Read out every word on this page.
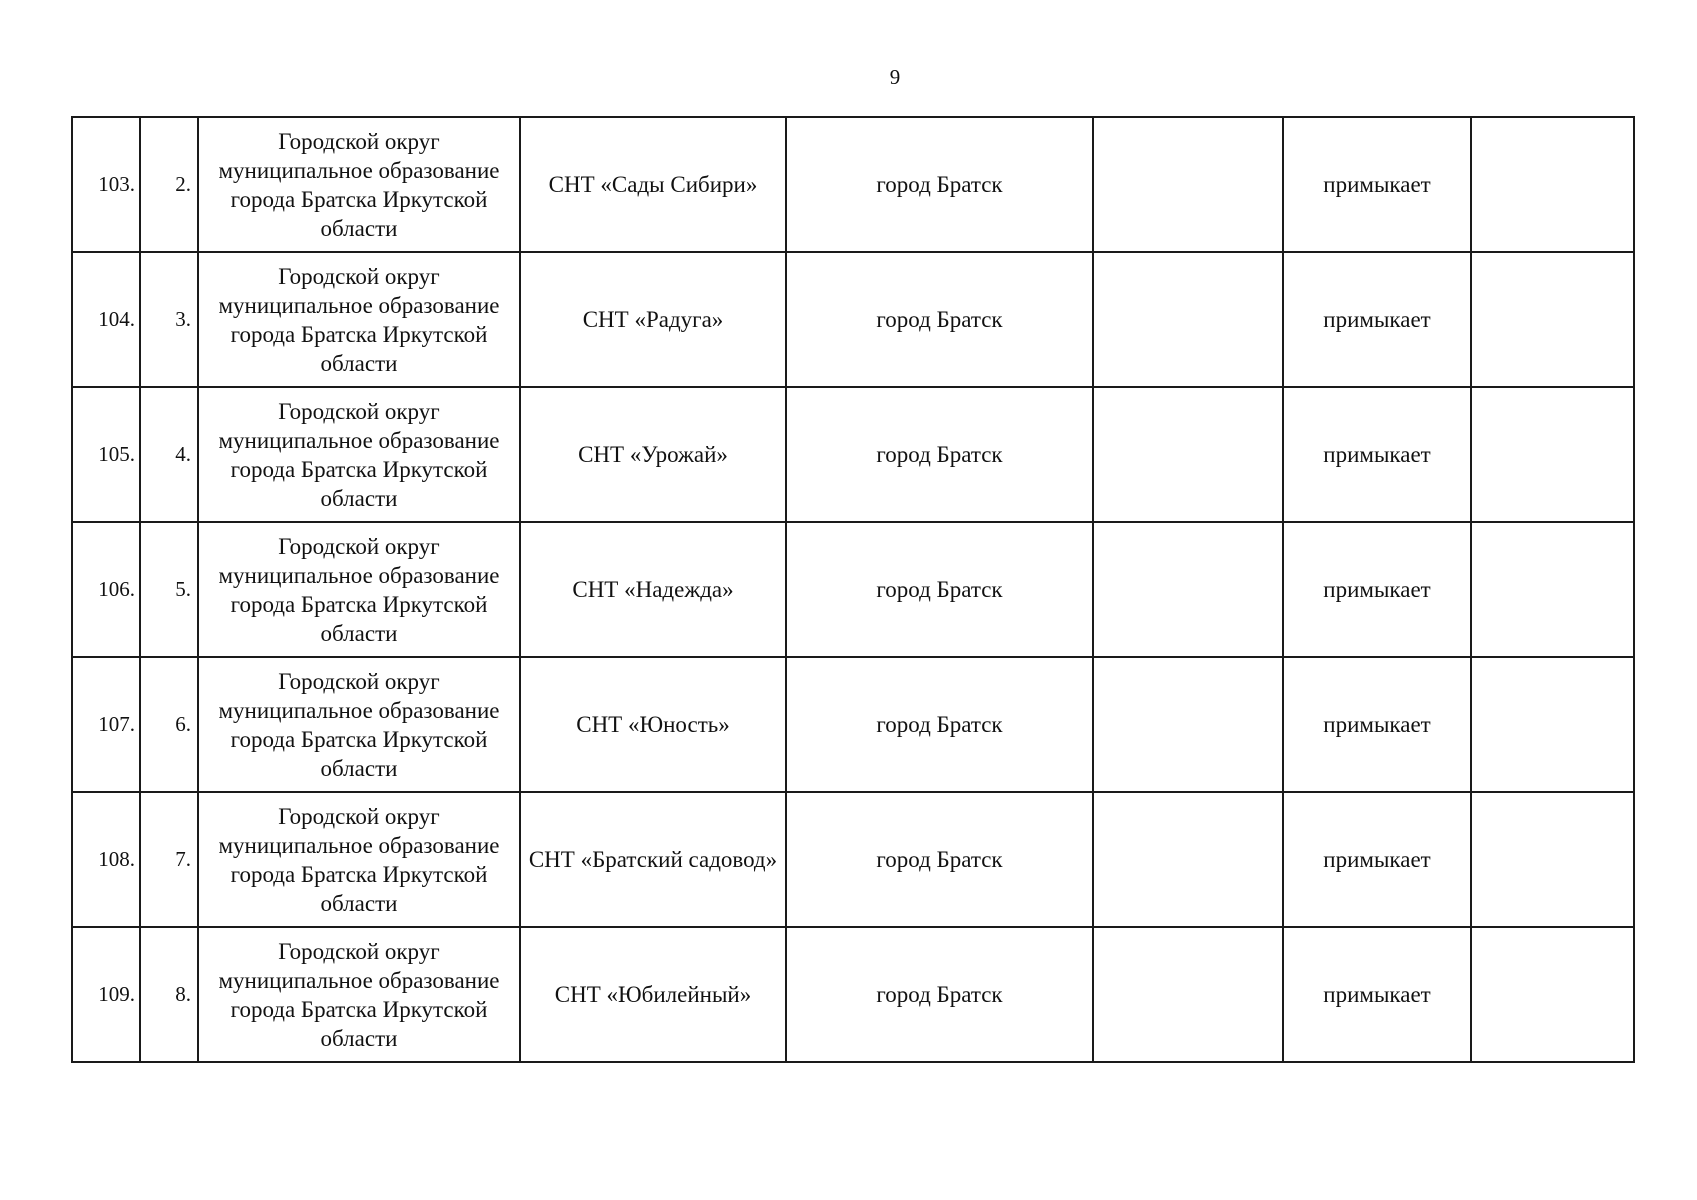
9
103.	2.	Городской округ муниципальное образование города Братска Иркутской области	СНТ «Сады Сибири»	город Братск		примыкает	
104.	3.	Городской округ муниципальное образование города Братска Иркутской области	СНТ «Радуга»	город Братск		примыкает	
105.	4.	Городской округ муниципальное образование города Братска Иркутской области	СНТ «Урожай»	город Братск		примыкает	
106.	5.	Городской округ муниципальное образование города Братска Иркутской области	СНТ «Надежда»	город Братск		примыкает	
107.	6.	Городской округ муниципальное образование города Братска Иркутской области	СНТ «Юность»	город Братск		примыкает	
108.	7.	Городской округ муниципальное образование города Братска Иркутской области	СНТ «Братский садовод»	город Братск		примыкает	
109.	8.	Городской округ муниципальное образование города Братска Иркутской области	СНТ «Юбилейный»	город Братск		примыкает	
